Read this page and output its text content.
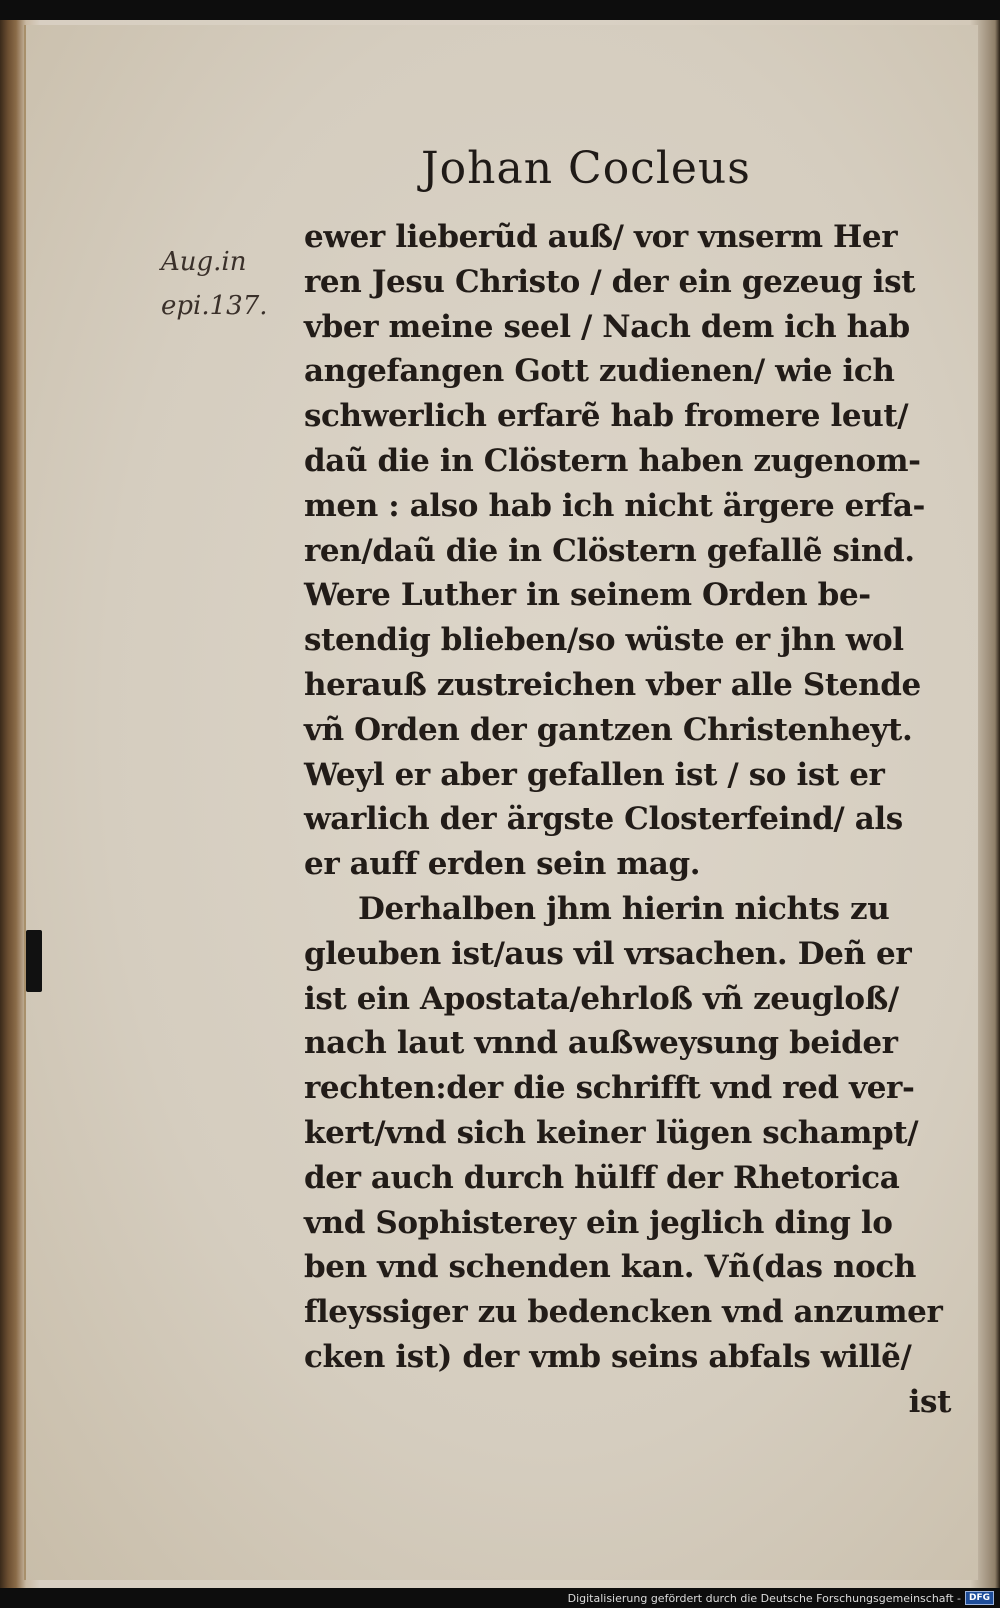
Johan Cocleus
Aug.in
epi.137.
ewer lieberũd auß/ vor vnserm Her
ren Jesu Christo / der ein gezeug ist
vber meine seel / Nach dem ich hab
angefangen Gott zudienen/ wie ich
schwerlich erfarẽ hab fromere leut/
daũ die in Clöstern haben zugenom-
men : also hab ich nicht ärgere erfa-
ren/daũ die in Clöstern gefallẽ sind.
Were Luther in seinem Orden be-
stendig blieben/so wüste er jhn wol
herauß zustreichen vber alle Stende
vñ Orden der gantzen Christenheyt.
Weyl er aber gefallen ist / so ist er
warlich der ärgste Closterfeind/ als
er auff erden sein mag.
Derhalben jhm hierin nichts zu
gleuben ist/aus vil vrsachen. Deñ er
ist ein Apostata/ehrloß vñ zeugloß/
nach laut vnnd außweysung beider
rechten:der die schrifft vnd red ver-
kert/vnd sich keiner lügen schampt/
der auch durch hülff der Rhetorica
vnd Sophisterey ein jeglich ding lo
ben vnd schenden kan. Vñ(das noch
fleyssiger zu bedencken vnd anzumer
cken ist) der vmb seins abfals willẽ/
ist
Digitalisierung gefördert durch die Deutsche Forschungsgemeinschaft - DFG
